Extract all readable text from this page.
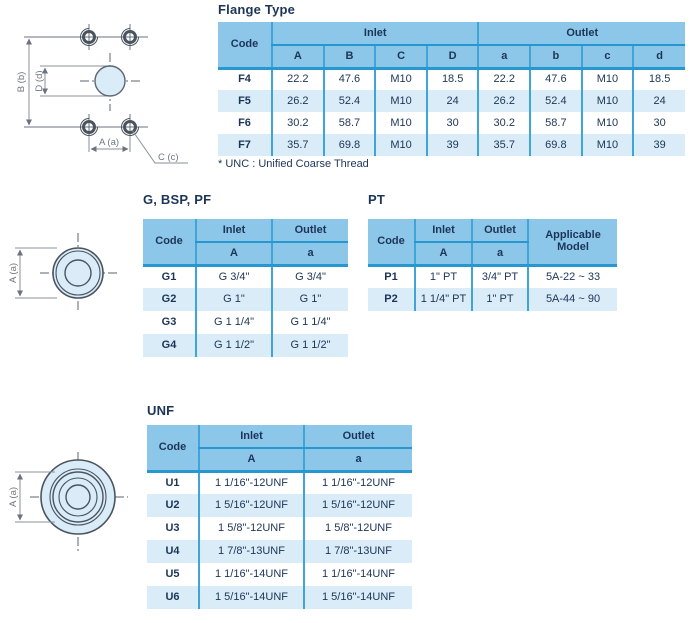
B (b) D (d)
A (a)
C (c)
A (a)
A (a)
Flange Type
Code	Inlet				Outlet			
	A	B	C	D	a	b	c	d
F4	22.2	47.6	M10	18.5	22.2	47.6	M10	18.5
F5	26.2	52.4	M10	24	26.2	52.4	M10	24
F6	30.2	58.7	M10	30	30.2	58.7	M10	30
F7	35.7	69.8	M10	39	35.7	69.8	M10	39
* UNC : Unified Coarse Thread
G, BSP, PF
Code	Inlet	Outlet
	A	a
G1	G 3/4"	G 3/4"
G2	G 1"	G 1"
G3	G 1 1/4"	G 1 1/4"
G4	G 1 1/2"	G 1 1/2"
PT
Code	Inlet	Outlet	Applicable Model
	A	a	
P1	1" PT	3/4" PT	5A-22 ~ 33
P2	1 1/4" PT	1" PT	5A-44 ~ 90
UNF
Code	Inlet	Outlet
	A	a
U1	1 1/16"-12UNF	1 1/16"-12UNF
U2	1 5/16"-12UNF	1 5/16"-12UNF
U3	1 5/8"-12UNF	1 5/8"-12UNF
U4	1 7/8"-13UNF	1 7/8"-13UNF
U5	1 1/16"-14UNF	1 1/16"-14UNF
U6	1 5/16"-14UNF	1 5/16"-14UNF
